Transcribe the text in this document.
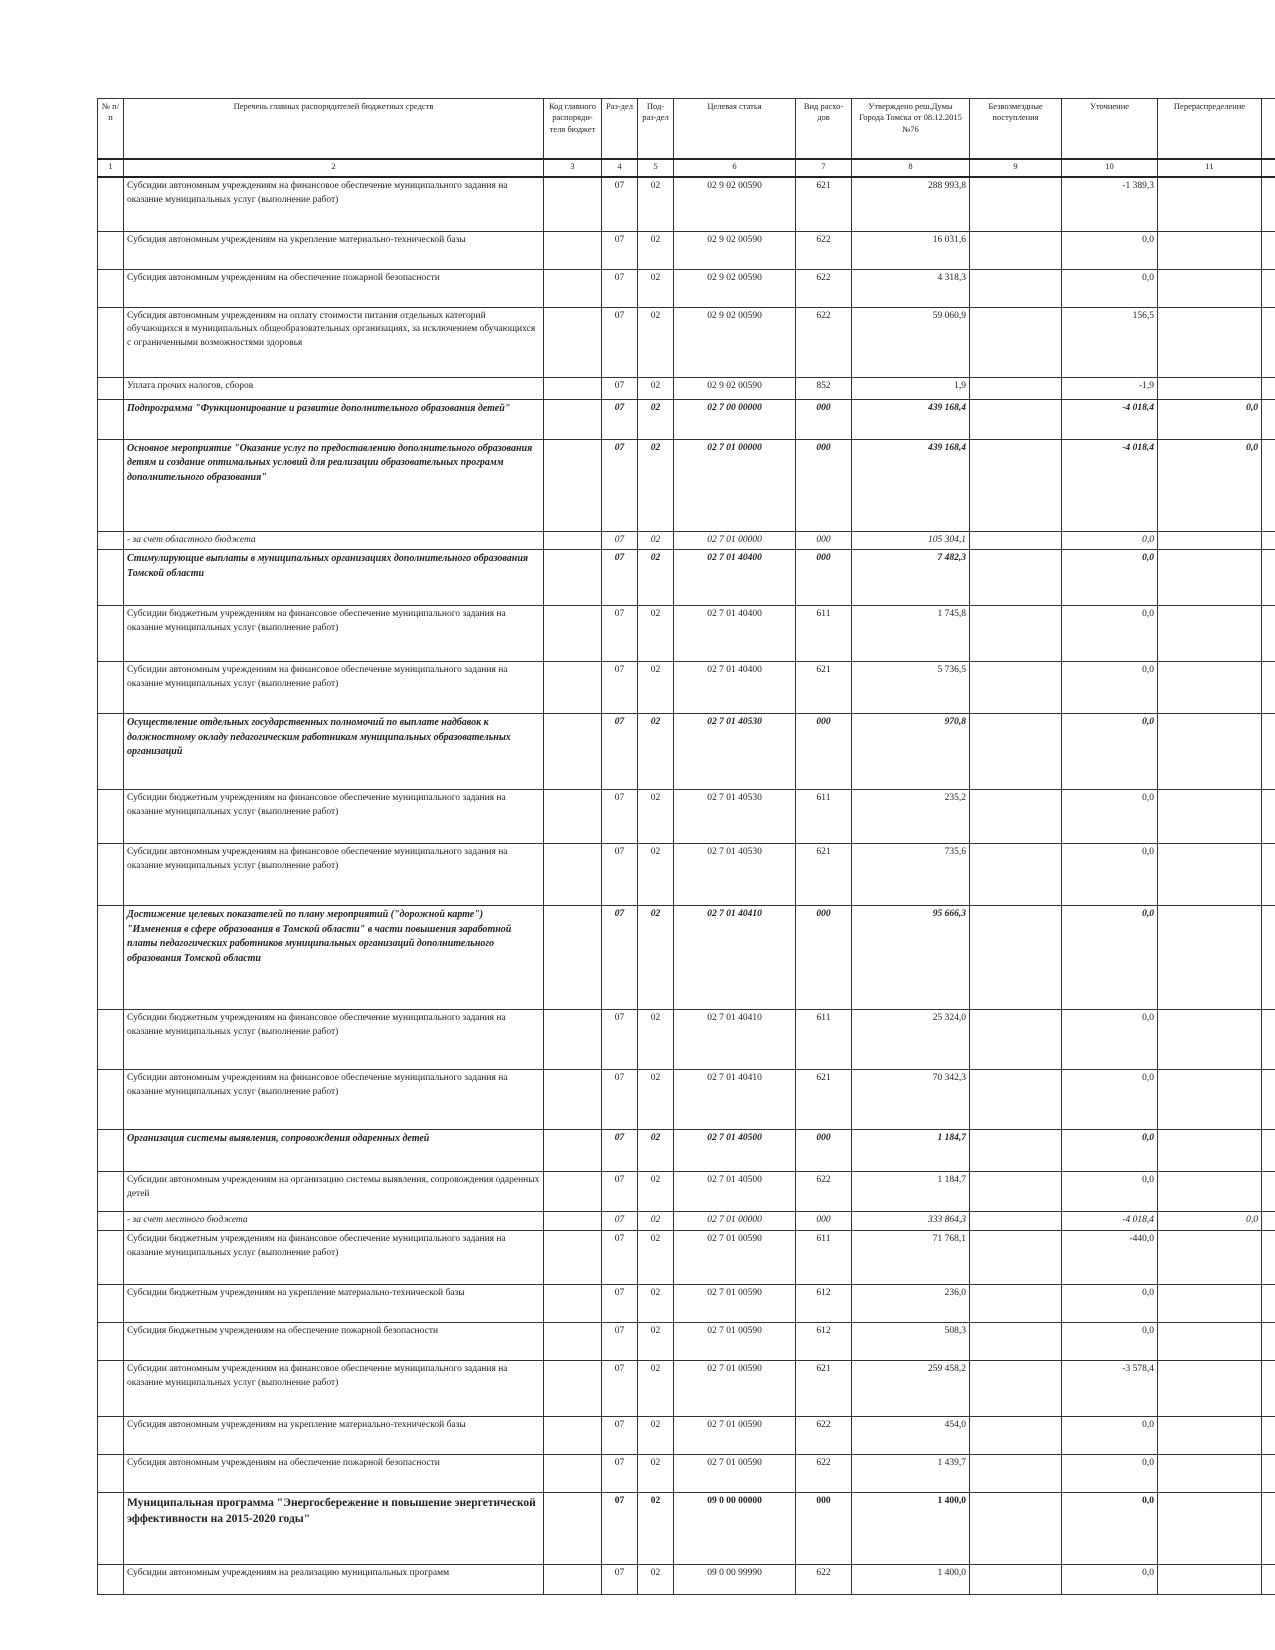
№ п/п	Перечень главных распорядителей бюджетных средств	Код главного распоряди-теля бюджет	Раз-дел	Под-раз-дел	Целевая статья	Вид расхо-дов	Утверждено реш.Думы Города Томска от 08.12.2015 №76	Безвозмездные поступления	Уточнение	Перераспределение	
1	2	3	4	5	6	7	8	9	10	11	
	Субсидии автономным учреждениям на финансовое обеспечение муниципального задания на оказание муниципальных услуг (выполнение работ)		07	02	02 9 02 00590	621	288 993,8		-1 389,3		
	Субсидия автономным учреждениям на укрепление материально-технической базы		07	02	02 9 02 00590	622	16 031,6		0,0		
	Субсидия автономным учреждениям на обеспечение пожарной безопасности		07	02	02 9 02 00590	622	4 318,3		0,0		
	Субсидия автономным учреждениям на оплату стоимости питания отдельных категорий обучающихся в муниципальных общеобразовательных организациях, за исключением обучающихся с ограниченными возможностями здоровья		07	02	02 9 02 00590	622	59 060,9		156,5		
	Уплата прочих налогов, сборов		07	02	02 9 02 00590	852	1,9		-1,9		
	Подпрограмма "Функционирование и развитие дополнительного образования детей"		07	02	02 7 00 00000	000	439 168,4		-4 018,4	0,0	
	Основное мероприятие "Оказание услуг по предоставлению дополнительного образования детям и создание оптимальных условий для реализации образовательных программ дополнительного образования"		07	02	02 7 01 00000	000	439 168,4		-4 018,4	0,0	
	- за счет областного бюджета		07	02	02 7 01 00000	000	105 304,1		0,0		
	Стимулирующие выплаты в муниципальных организациях дополнительного образования Томской области		07	02	02 7 01 40400	000	7 482,3		0,0		
	Субсидии бюджетным учреждениям на финансовое обеспечение муниципального задания на оказание муниципальных услуг (выполнение работ)		07	02	02 7 01 40400	611	1 745,8		0,0		
	Субсидии автономным учреждениям на финансовое обеспечение муниципального задания на оказание муниципальных услуг (выполнение работ)		07	02	02 7 01 40400	621	5 736,5		0,0		
	Осуществление отдельных государственных полномочий по выплате надбавок к должностному окладу педагогическим работникам муниципальных образовательных организаций		07	02	02 7 01 40530	000	970,8		0,0		
	Субсидии бюджетным учреждениям на финансовое обеспечение муниципального задания на оказание муниципальных услуг (выполнение работ)		07	02	02 7 01 40530	611	235,2		0,0		
	Субсидии автономным учреждениям на финансовое обеспечение муниципального задания на оказание муниципальных услуг (выполнение работ)		07	02	02 7 01 40530	621	735,6		0,0		
	Достижение целевых показателей по плану мероприятий ("дорожной карте") "Изменения в сфере образования в Томской области" в части повышения заработной платы педагогических работников муниципальных организаций дополнительного образования Томской области		07	02	02 7 01 40410	000	95 666,3		0,0		
	Субсидии бюджетным учреждениям на финансовое обеспечение муниципального задания на оказание муниципальных услуг (выполнение работ)		07	02	02 7 01 40410	611	25 324,0		0,0		
	Субсидии автономным учреждениям на финансовое обеспечение муниципального задания на оказание муниципальных услуг (выполнение работ)		07	02	02 7 01 40410	621	70 342,3		0,0		
	Организация системы выявления, сопровождения одаренных детей		07	02	02 7 01 40500	000	1 184,7		0,0		
	Субсидии автономным учреждениям на организацию системы выявления, сопровождения одаренных детей		07	02	02 7 01 40500	622	1 184,7		0,0		
	- за счет местного бюджета		07	02	02 7 01 00000	000	333 864,3		-4 018,4	0,0	
	Субсидии бюджетным учреждениям на финансовое обеспечение муниципального задания на оказание муниципальных услуг (выполнение работ)		07	02	02 7 01 00590	611	71 768,1		-440,0		
	Субсидии бюджетным учреждениям на укрепление материально-технической базы		07	02	02 7 01 00590	612	236,0		0,0		
	Субсидия бюджетным учреждениям на обеспечение пожарной безопасности		07	02	02 7 01 00590	612	508,3		0,0		
	Субсидии автономным учреждениям на финансовое обеспечение муниципального задания на оказание муниципальных услуг (выполнение работ)		07	02	02 7 01 00590	621	259 458,2		-3 578,4		
	Субсидия автономным учреждениям на укрепление материально-технической базы		07	02	02 7 01 00590	622	454,0		0,0		
	Субсидия автономным учреждениям на обеспечение пожарной безопасности		07	02	02 7 01 00590	622	1 439,7		0,0		
	Муниципальная программа "Энергосбережение и повышение энергетической эффективности на 2015-2020 годы"		07	02	09 0 00 00000	000	1 400,0		0,0		
	Субсидии автономным учреждениям на реализацию муниципальных программ		07	02	09 0 00 99990	622	1 400,0		0,0		
